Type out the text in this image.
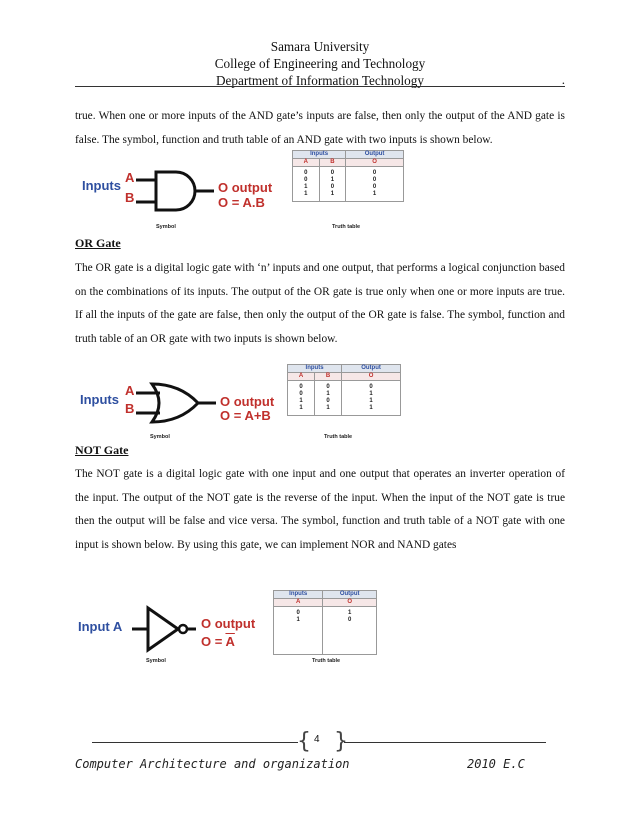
Samara University
College of Engineering and Technology
Department of Information Technology	.
true. When one or more inputs of the AND gate’s inputs are false, then only the output of the AND gate is false. The symbol, function and truth table of an AND gate with two inputs is shown below.
Inputs
A
B
O output
O = A.B
Symbol
Inputs		Output
A	B	O
0	0	0
0	1	0
1	0	0
1	1	1
Truth table
OR Gate
The OR gate is a digital logic gate with ‘n’ inputs and one output, that performs a logical conjunction based on the combinations of its inputs. The output of the OR gate is true only when one or more inputs are true. If all the inputs of the gate are false, then only the output of the OR gate is false. The symbol, function and truth table of an OR gate with two inputs is shown below.
Inputs
A
B	O output
O = A+B
Symbol
Inputs		Output
A	B	O
0	0	0
0	1	1
1	0	1
1	1	1
Truth table
NOT Gate
The NOT gate is a digital logic gate with one input and one output that operates an inverter operation of the input. The output of the NOT gate is the reverse of the input. When the input of the NOT gate is true then the output will be false and vice versa. The symbol, function and truth table of a NOT gate with one input is shown below. By using this gate, we can implement NOR and NAND gates
Input A	O output
$O = \overline{A}$
Symbol
Inputs	Output
A	O
0	1
1	0
Truth table
{ }
4
Computer Architecture and organization	2010 E.C
